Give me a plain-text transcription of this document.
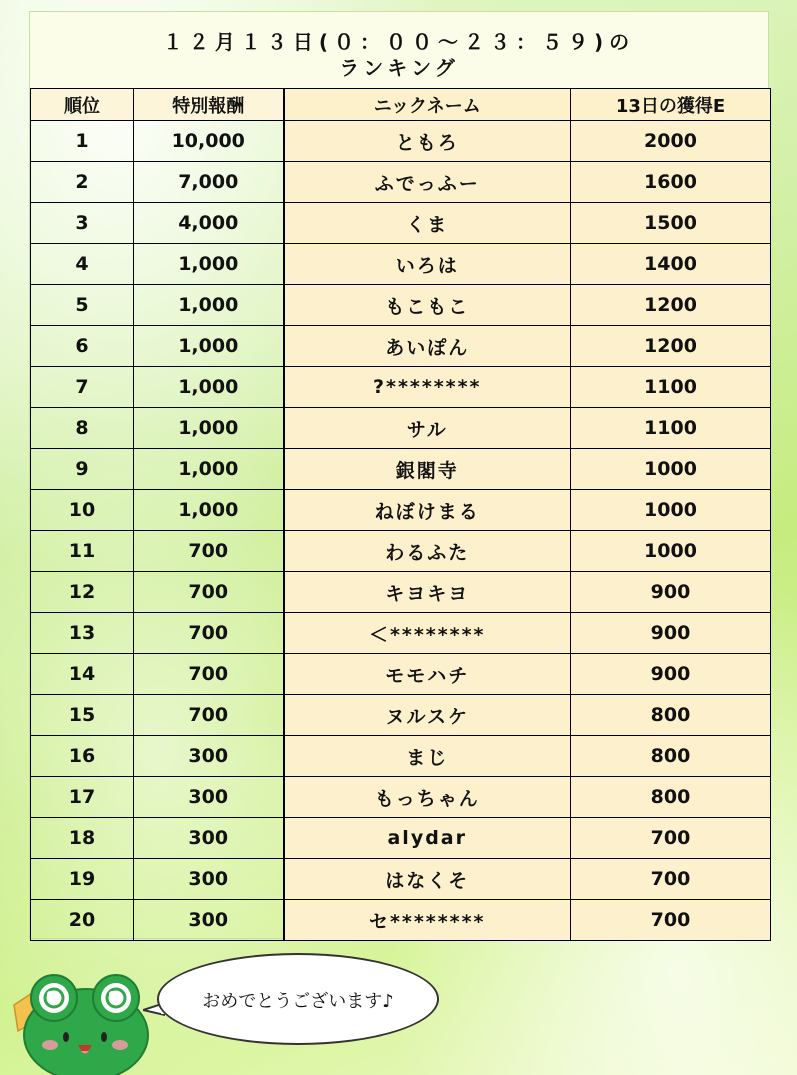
１２月１３日(０：００〜２３：５９)の
ランキング
順位	特別報酬	ニックネーム	13日の獲得E
1	10,000	ともろ	2000
2	7,000	ふでっふー	1600
3	4,000	くま	1500
4	1,000	いろは	1400
5	1,000	もこもこ	1200
6	1,000	あいぽん	1200
7	1,000	?********	1100
8	1,000	サル	1100
9	1,000	銀閣寺	1000
10	1,000	ねぼけまる	1000
11	700	わるふた	1000
12	700	キヨキヨ	900
13	700	＜********	900
14	700	モモハチ	900
15	700	ヌルスケ	800
16	300	まじ	800
17	300	もっちゃん	800
18	300	alydar	700
19	300	はなくそ	700
20	300	セ********	700
おめでとうございます♪
